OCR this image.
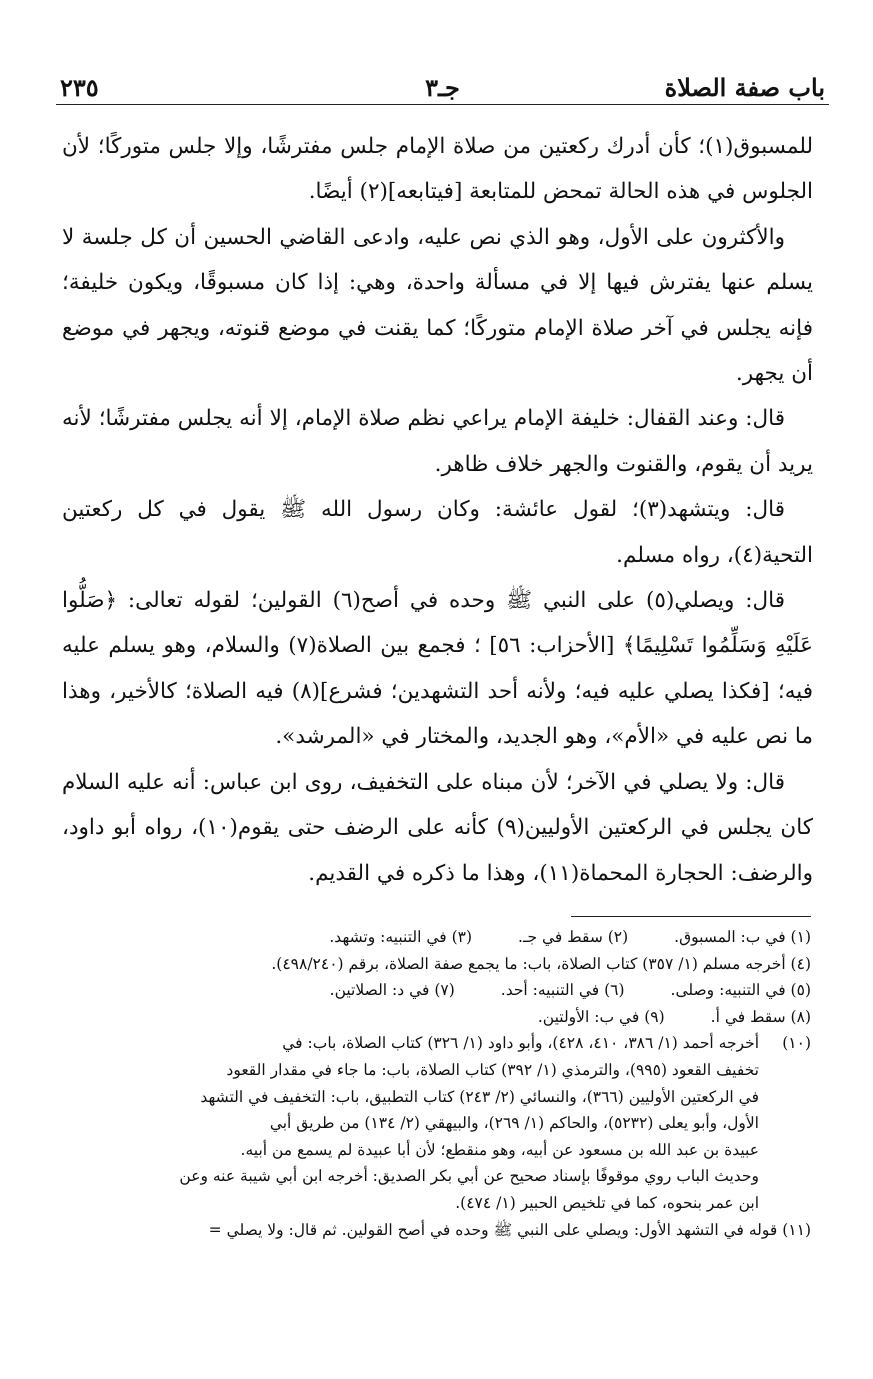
باب صفة الصلاة
جـ٣
٢٣٥

للمسبوق(١)؛ كأن أدرك ركعتين من صلاة الإمام جلس مفترشًا، وإلا جلس متوركًا؛ لأن الجلوس في هذه الحالة تمحض للمتابعة [فيتابعه](٢) أيضًا.

والأكثرون على الأول، وهو الذي نص عليه، وادعى القاضي الحسين أن كل جلسة لا يسلم عنها يفترش فيها إلا في مسألة واحدة، وهي: إذا كان مسبوقًا، ويكون خليفة؛ فإنه يجلس في آخر صلاة الإمام متوركًا؛ كما يقنت في موضع قنوته، ويجهر في موضع أن يجهر.

قال: وعند القفال: خليفة الإمام يراعي نظم صلاة الإمام، إلا أنه يجلس مفترشًا؛ لأنه يريد أن يقوم، والقنوت والجهر خلاف ظاهر.

قال: ويتشهد(٣)؛ لقول عائشة: وكان رسول الله ﷺ يقول في كل ركعتين التحية(٤)، رواه مسلم.

قال: ويصلي(٥) على النبي ﷺ وحده في أصح(٦) القولين؛ لقوله تعالى: ﴿صَلُّوا عَلَيْهِ وَسَلِّمُوا تَسْلِيمًا﴾ [الأحزاب: ٥٦] ؛ فجمع بين الصلاة(٧) والسلام، وهو يسلم عليه فيه؛ [فكذا يصلي عليه فيه؛ ولأنه أحد التشهدين؛ فشرع](٨) فيه الصلاة؛ كالأخير، وهذا ما نص عليه في «الأم»، وهو الجديد، والمختار في «المرشد».

قال: ولا يصلي في الآخر؛ لأن مبناه على التخفيف، روى ابن عباس: أنه عليه السلام كان يجلس في الركعتين الأوليين(٩) كأنه على الرضف حتى يقوم(١٠)، رواه أبو داود، والرضف: الحجارة المحماة(١١)، وهذا ما ذكره في القديم.

(١) في ب: المسبوق.
(٢) سقط في جـ.
(٣) في التنبيه: وتشهد.
(٤) أخرجه مسلم (١/ ٣٥٧) كتاب الصلاة، باب: ما يجمع صفة الصلاة، برقم (٤٩٨/٢٤٠).
(٥) في التنبيه: وصلى.
(٦) في التنبيه: أحد.
(٧) في د: الصلاتين.
(٨) سقط في أ.
(٩) في ب: الأولتين.
(١٠)
أخرجه أحمد (١/ ٣٨٦، ٤١٠، ٤٢٨)، وأبو داود (١/ ٣٢٦) كتاب الصلاة، باب: في
تخفيف القعود (٩٩٥)، والترمذي (١/ ٣٩٢) كتاب الصلاة، باب: ما جاء في مقدار القعود
في الركعتين الأوليين (٣٦٦)، والنسائي (٢/ ٢٤٣) كتاب التطبيق، باب: التخفيف في التشهد
الأول، وأبو يعلى (٥٢٣٢)، والحاكم (١/ ٢٦٩)، والبيهقي (٢/ ١٣٤) من طريق أبي
عبيدة بن عبد الله بن مسعود عن أبيه، وهو منقطع؛ لأن أبا عبيدة لم يسمع من أبيه.
وحديث الباب روي موقوفًا بإسناد صحيح عن أبي بكر الصديق: أخرجه ابن أبي شيبة عنه وعن
ابن عمر بنحوه، كما في تلخيص الحبير (١/ ٤٧٤).
(١١) قوله في التشهد الأول: ويصلي على النبي ﷺ وحده في أصح القولين. ثم قال: ولا يصلي =
